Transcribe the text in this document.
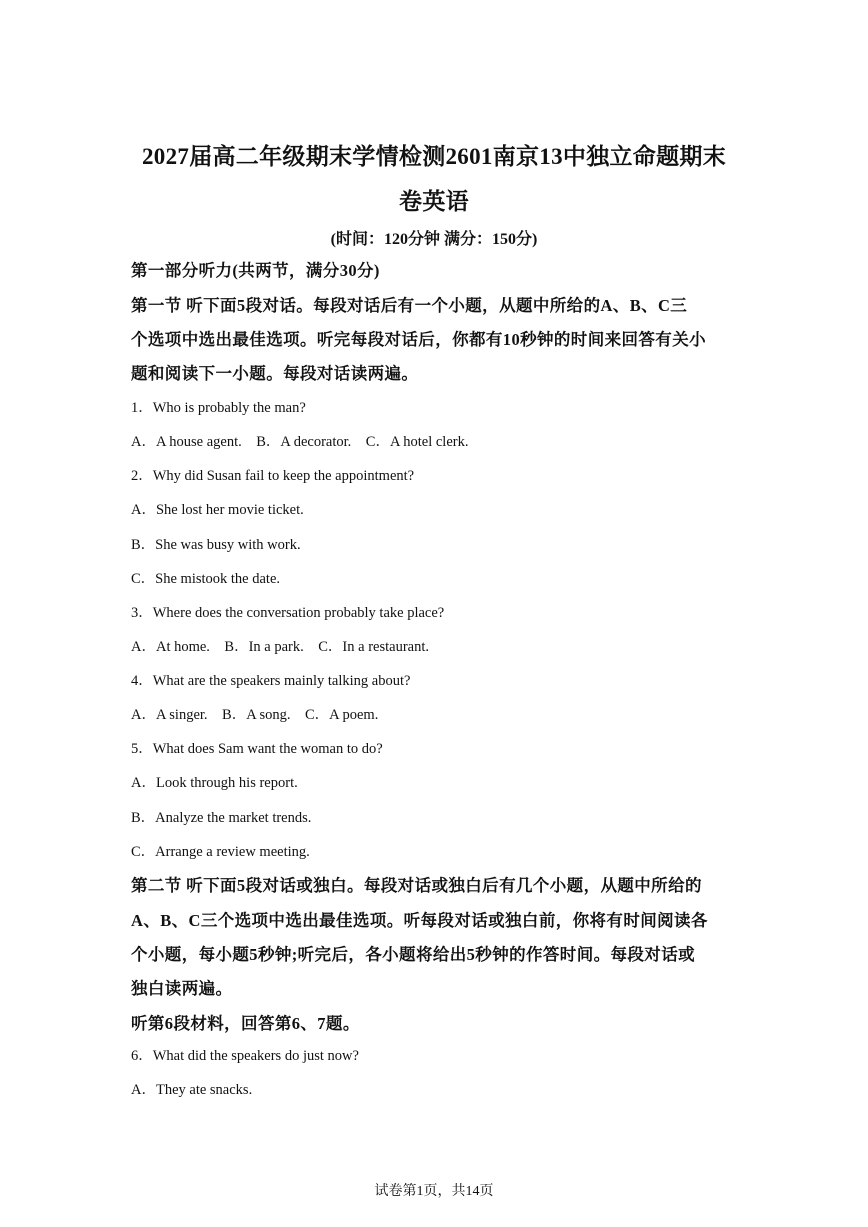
2027届高二年级期末学情检测2601南京13中独立命题期末
卷英语
(时间：120分钟 满分：150分)
第一部分听力(共两节，满分30分)
第一节 听下面5段对话。每段对话后有一个小题，从题中所给的A、B、C三
个选项中选出最佳选项。听完每段对话后，你都有10秒钟的时间来回答有关小
题和阅读下一小题。每段对话读两遍。
1．Who is probably the man?
A．A house agent.    B．A decorator.    C．A hotel clerk.
2．Why did Susan fail to keep the appointment?
A．She lost her movie ticket.
B．She was busy with work.
C．She mistook the date.
3．Where does the conversation probably take place?
A．At home.    B．In a park.    C．In a restaurant.
4．What are the speakers mainly talking about?
A．A singer.    B．A song.    C．A poem.
5．What does Sam want the woman to do?
A．Look through his report.
B．Analyze the market trends.
C．Arrange a review meeting.
第二节 听下面5段对话或独白。每段对话或独白后有几个小题，从题中所给的
A、B、C三个选项中选出最佳选项。听每段对话或独白前，你将有时间阅读各
个小题，每小题5秒钟;听完后，各小题将给出5秒钟的作答时间。每段对话或
独白读两遍。
听第6段材料，回答第6、7题。
6．What did the speakers do just now?
A．They ate snacks.
试卷第1页，共14页
